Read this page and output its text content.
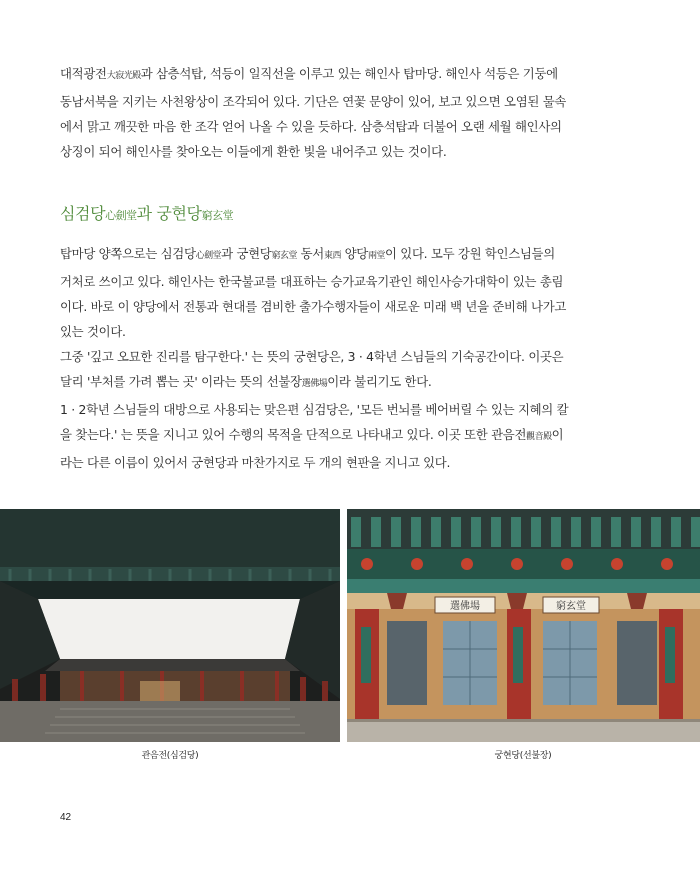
대적광전大寂光殿과 삼층석탑, 석등이 일직선을 이루고 있는 해인사 탑마당. 해인사 석등은 기둥에
동남서북을 지키는 사천왕상이 조각되어 있다. 기단은 연꽃 문양이 있어, 보고 있으면 오염된 물속
에서 맑고 깨끗한 마음 한 조각 얻어 나올 수 있을 듯하다. 삼층석탑과 더불어 오랜 세월 해인사의
상징이 되어 해인사를 찾아오는 이들에게 환한 빛을 내어주고 있는 것이다.
심검당心劍堂과 궁현당窮玄堂
탑마당 양쪽으로는 심검당心劍堂과 궁현당窮玄堂 동서東西 양당兩堂이 있다. 모두 강원 학인스님들의
거처로 쓰이고 있다. 해인사는 한국불교를 대표하는 승가교육기관인 해인사승가대학이 있는 총림
이다. 바로 이 양당에서 전통과 현대를 겸비한 출가수행자들이 새로운 미래 백 년을 준비해 나가고
있는 것이다.
그중 '깊고 오묘한 진리를 탐구한다.' 는 뜻의 궁현당은, 3 · 4학년 스님들의 기숙공간이다. 이곳은
달리 '부처를 가려 뽑는 곳' 이라는 뜻의 선불장選佛場이라 불리기도 한다.
1 · 2학년 스님들의 대방으로 사용되는 맞은편 심검당은, '모든 번뇌를 베어버릴 수 있는 지혜의 칼
을 찾는다.' 는 뜻을 지니고 있어 수행의 목적을 단적으로 나타내고 있다. 이곳 또한 관음전觀音殿이
라는 다른 이름이 있어서 궁현당과 마찬가지로 두 개의 현판을 지니고 있다.
選佛場	窮玄堂
관음전(심검당)	궁현당(선불장)
42
